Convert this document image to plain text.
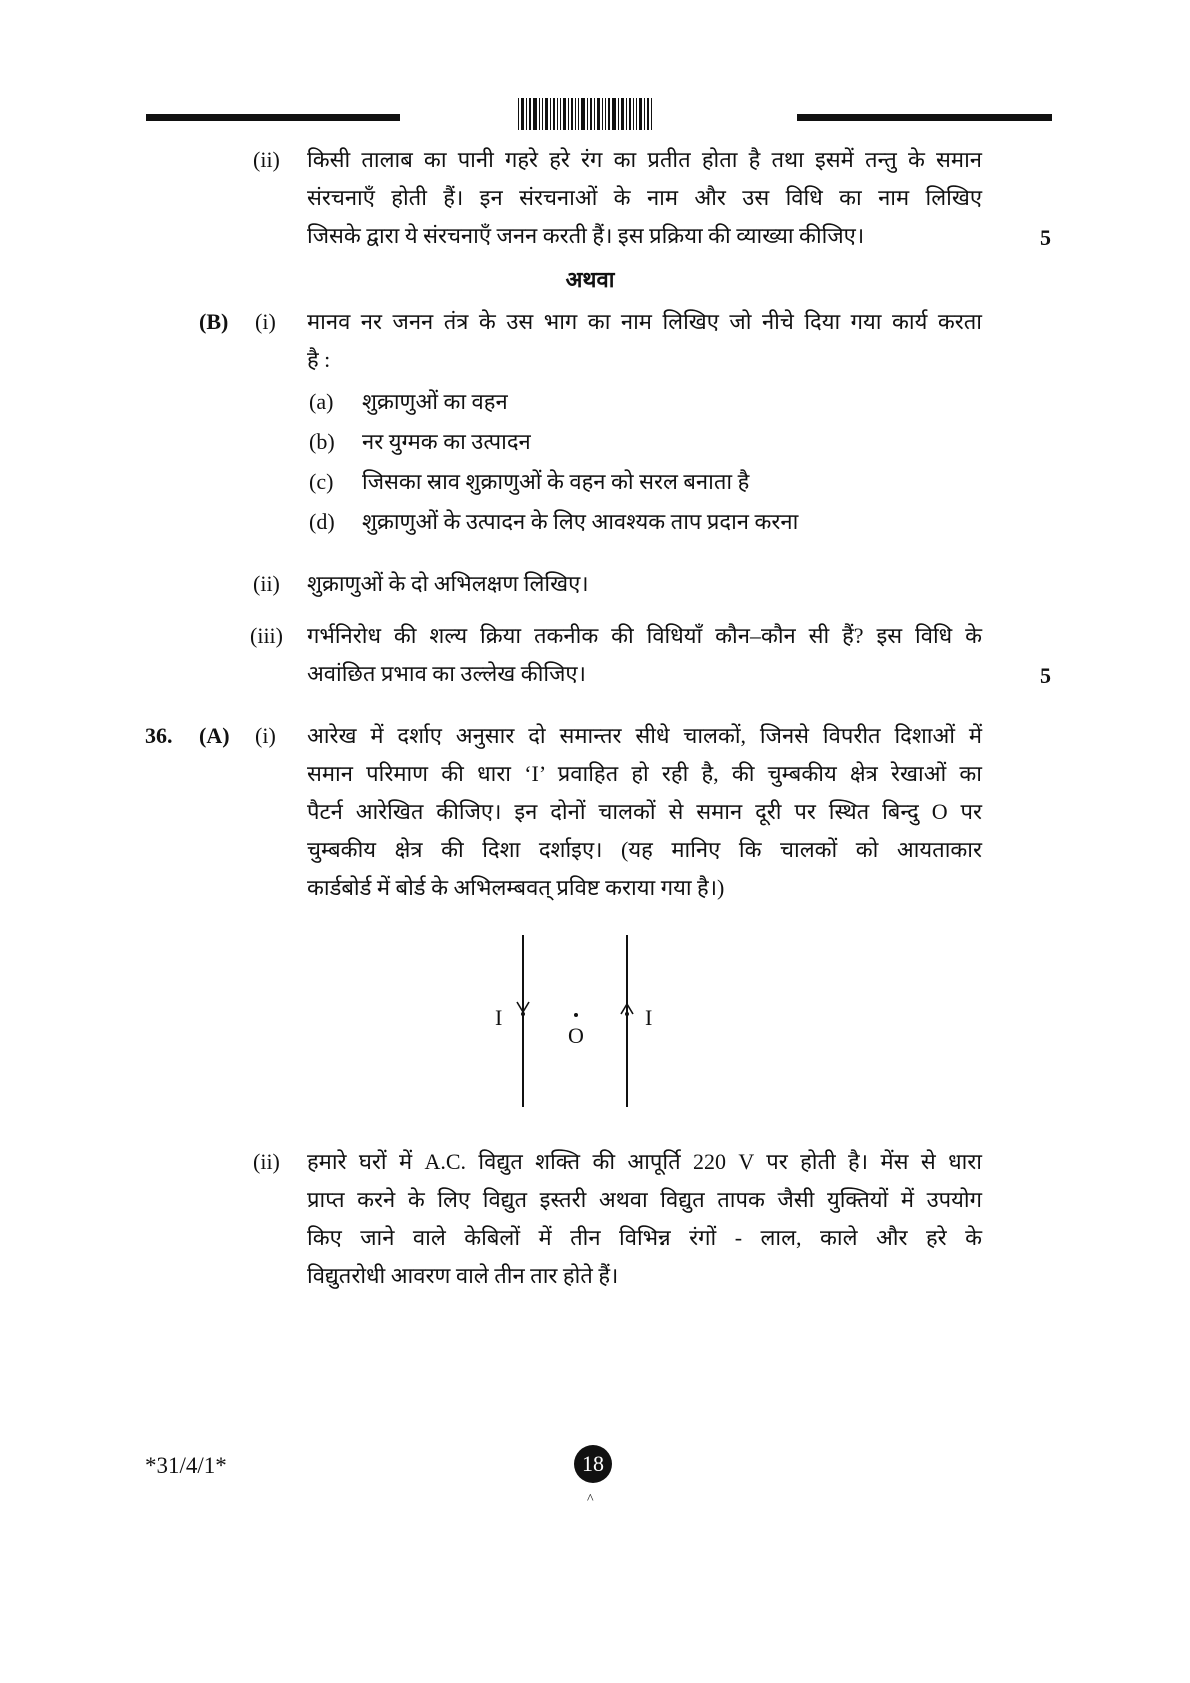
(ii) किसी तालाब का पानी गहरे हरे रंग का प्रतीत होता है तथा इसमें तन्तु के समान
संरचनाएँ होती हैं। इन संरचनाओं के नाम और उस विधि का नाम लिखिए
जिसके द्वारा ये संरचनाएँ जनन करती हैं। इस प्रक्रिया की व्याख्या कीजिए।	5
अथवा
(B) (i) मानव नर जनन तंत्र के उस भाग का नाम लिखिए जो नीचे दिया गया कार्य करता
है :
(a) शुक्राणुओं का वहन
(b) नर युग्मक का उत्पादन
(c) जिसका स्राव शुक्राणुओं के वहन को सरल बनाता है
(d) शुक्राणुओं के उत्पादन के लिए आवश्यक ताप प्रदान करना
(ii) शुक्राणुओं के दो अभिलक्षण लिखिए।
(iii) गर्भनिरोध की शल्य क्रिया तकनीक की विधियाँ कौन–कौन सी हैं? इस विधि के
अवांछित प्रभाव का उल्लेख कीजिए।	5
36. (A) (i) आरेख में दर्शाए अनुसार दो समान्तर सीधे चालकों, जिनसे विपरीत दिशाओं में
समान परिमाण की धारा ‘I’ प्रवाहित हो रही है, की चुम्बकीय क्षेत्र रेखाओं का
पैटर्न आरेखित कीजिए। इन दोनों चालकों से समान दूरी पर स्थित बिन्दु O पर
चुम्बकीय क्षेत्र की दिशा दर्शाइए। (यह मानिए कि चालकों को आयताकार
कार्डबोर्ड में बोर्ड के अभिलम्बवत् प्रविष्ट कराया गया है।)
I	I
O
(ii) हमारे घरों में A.C. विद्युत शक्ति की आपूर्ति 220 V पर होती है। मेंस से धारा
प्राप्त करने के लिए विद्युत इस्तरी अथवा विद्युत तापक जैसी युक्तियों में उपयोग
किए जाने वाले केबिलों में तीन विभिन्न रंगों - लाल, काले और हरे के
विद्युतरोधी आवरण वाले तीन तार होते हैं।
*31/4/1*	18
^
